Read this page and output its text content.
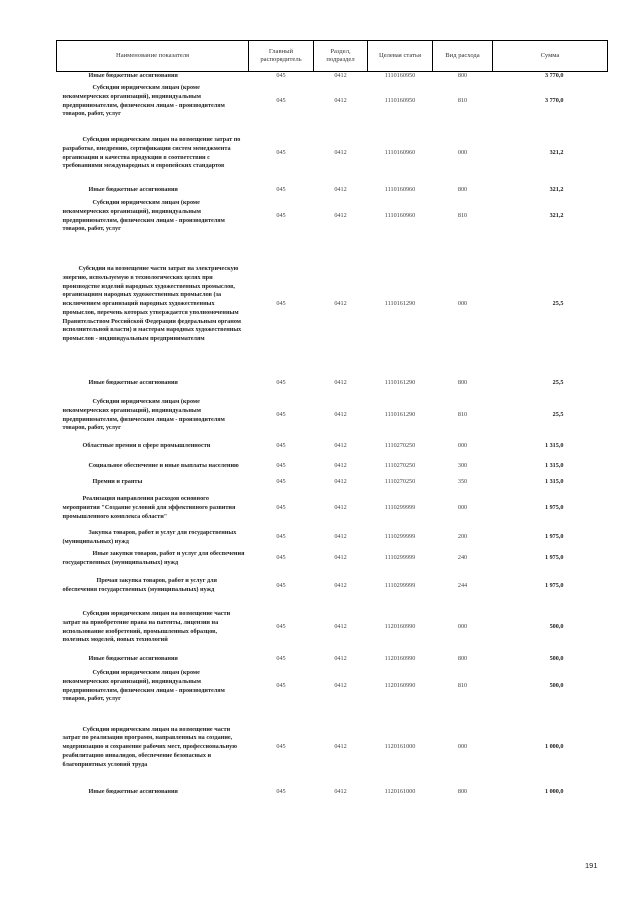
Наименование показателя	Главный распорядитель	Раздел, подраздел	Целевая статья	Вид расхода	Сумма
Иные бюджетные ассигнования	045	0412	1110160950	800	3 770,0
Субсидии юридическим лицам (кроме некоммерческих организаций), индивидуальным предпринимателям, физическим лицам - производителям товаров, работ, услуг	045	0412	1110160950	810	3 770,0
Субсидии юридическим лицам на возмещение затрат по разработке, внедрению, сертификации систем менеджмента организации и качества продукции в соответствии с требованиями международных и европейских стандартов	045	0412	1110160960	000	321,2
Иные бюджетные ассигнования	045	0412	1110160960	800	321,2
Субсидии юридическим лицам (кроме некоммерческих организаций), индивидуальным предпринимателям, физическим лицам - производителям товаров, работ, услуг	045	0412	1110160960	810	321,2
Субсидии на возмещение части затрат на электрическую энергию, используемую в технологических целях при производстве изделий народных художественных промыслов, организациям народных художественных промыслов (за исключением организаций народных художественных промыслов, перечень которых утверждается уполномоченным Правительством Российской Федерации федеральным органом исполнительной власти) и мастерам народных художественных промыслов - индивидуальным предпринимателям	045	0412	1110161290	000	25,5
Иные бюджетные ассигнования	045	0412	1110161290	800	25,5
Субсидии юридическим лицам (кроме некоммерческих организаций), индивидуальным предпринимателям, физическим лицам - производителям товаров, работ, услуг	045	0412	1110161290	810	25,5
Областные премии в сфере промышленности	045	0412	1110270250	000	1 315,0
Социальное обеспечение и иные выплаты населению	045	0412	1110270250	300	1 315,0
Премии и гранты	045	0412	1110270250	350	1 315,0
Реализация направления расходов основного мероприятия "Создание условий для эффективного развития промышленного комплекса области"	045	0412	1110299999	000	1 975,0
Закупка товаров, работ и услуг для государственных (муниципальных) нужд	045	0412	1110299999	200	1 975,0
Иные закупки товаров, работ и услуг для обеспечения государственных (муниципальных) нужд	045	0412	1110299999	240	1 975,0
Прочая закупка товаров, работ и услуг для обеспечения государственных (муниципальных) нужд	045	0412	1110299999	244	1 975,0
Субсидии юридическим лицам на возмещение части затрат на приобретение права на патенты, лицензии на использование изобретений, промышленных образцов, полезных моделей, новых технологий	045	0412	1120160990	000	500,0
Иные бюджетные ассигнования	045	0412	1120160990	800	500,0
Субсидии юридическим лицам (кроме некоммерческих организаций), индивидуальным предпринимателям, физическим лицам - производителям товаров, работ, услуг	045	0412	1120160990	810	500,0
Субсидии юридическим лицам на возмещение части затрат по реализации программ, направленных на создание, модернизацию и сохранение рабочих мест, профессиональную реабилитацию инвалидов, обеспечение безопасных и благоприятных условий труда	045	0412	1120161000	000	1 000,0
Иные бюджетные ассигнования	045	0412	1120161000	800	1 000,0
191
